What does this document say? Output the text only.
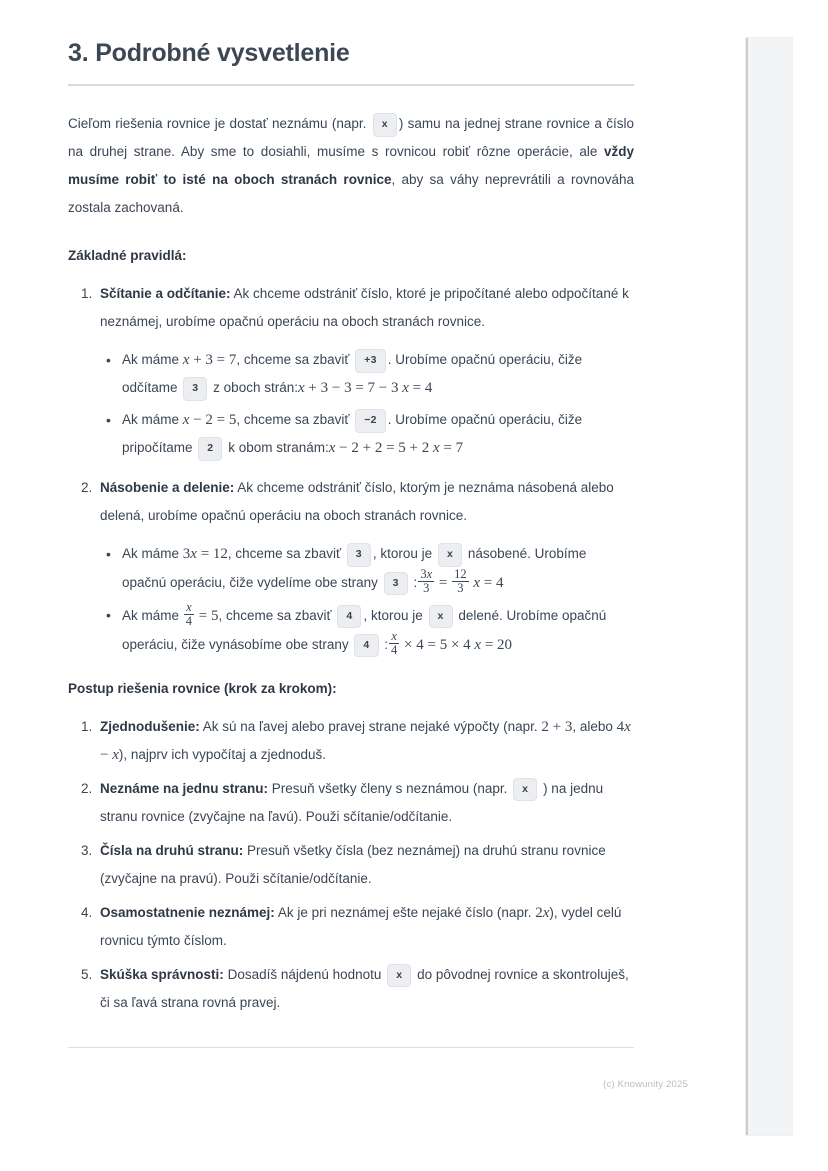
3. Podrobné vysvetlenie

Cieľom riešenia rovnice je dostať neznámu (napr. x ) samu na jednej strane rovnice a číslo na druhej strane. Aby sme to dosiahli, musíme s rovnicou robiť rôzne operácie, ale vždy musíme robiť to isté na oboch stranách rovnice, aby sa váhy neprevrátili a rovnováha zostala zachovaná.

Základné pravidlá:
1. Sčítanie a odčítanie: Ak chceme odstrániť číslo, ktoré je pripočítané alebo odpočítané k neznámej, urobíme opačnú operáciu na oboch stranách rovnice.
• Ak máme x + 3 = 7, chceme sa zbaviť +3 . Urobíme opačnú operáciu, čiže odčítame 3 z oboch strán:x + 3 − 3 = 7 − 3 x = 4
• Ak máme x − 2 = 5, chceme sa zbaviť −2 . Urobíme opačnú operáciu, čiže pripočítame 2 k obom stranám:x − 2 + 2 = 5 + 2 x = 7
2. Násobenie a delenie: Ak chceme odstrániť číslo, ktorým je neznáma násobená alebo delená, urobíme opačnú operáciu na oboch stranách rovnice.
• Ak máme 3x = 12, chceme sa zbaviť 3 , ktorou je x násobené. Urobíme opačnú operáciu, čiže vydelíme obe strany 3 : $\frac{3x}{3} = \frac{12}{3}$ x = 4
• Ak máme $\frac{x}{4} = 5$, chceme sa zbaviť 4 , ktorou je x delené. Urobíme opačnú operáciu, čiže vynásobíme obe strany 4 : $\frac{x}{4} \times 4 = 5 \times 4$ x = 20
Postup riešenia rovnice (krok za krokom):
1. Zjednodušenie: Ak sú na ľavej alebo pravej strane nejaké výpočty (napr. 2 + 3, alebo 4x − x), najprv ich vypočítaj a zjednoduš.
2. Neznáme na jednu stranu: Presuň všetky členy s neznámou (napr. x ) na jednu stranu rovnice (zvyčajne na ľavú). Použi sčítanie/odčítanie.
3. Čísla na druhú stranu: Presuň všetky čísla (bez neznámej) na druhú stranu rovnice (zvyčajne na pravú). Použi sčítanie/odčítanie.
4. Osamostatnenie neznámej: Ak je pri neznámej ešte nejaké číslo (napr. 2x), vydel celú rovnicu týmto číslom.
5. Skúška správnosti: Dosadíš nájdenú hodnotu x do pôvodnej rovnice a skontroluješ, či sa ľavá strana rovná pravej.
(c) Knowunity 2025
